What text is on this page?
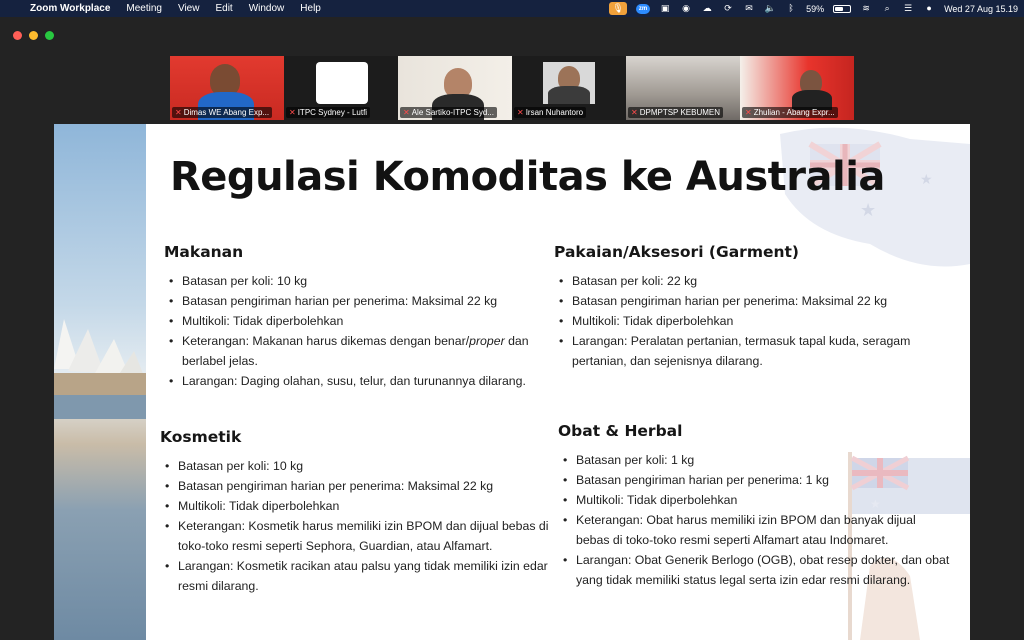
Zoom Workplace	Meeting	View	Edit	Window	Help	🎙	zm	▣ ◉ ☁ ⟳ ✉ 🔈	ᛒ	59%	≋	⌕	☰	●	Wed 27 Aug 15.19
✕ Dimas WE Abang Exp...	✕ ITPC Sydney - Lutfi	✕ Ale Sartiko-ITPC Syd...	✕ Irsan Nuhantoro	✕ DPMPTSP KEBUMEN	✕ Zhulian - Abang Expr...
★
★
★
Regulasi Komoditas ke Australia
Makanan
• Batasan per koli: 10 kg
• Batasan pengiriman harian per penerima: Maksimal 22 kg
• Multikoli: Tidak diperbolehkan
• Keterangan: Makanan harus dikemas dengan benar/proper dan berlabel jelas.
• Larangan: Daging olahan, susu, telur, dan turunannya dilarang.
Pakaian/Aksesori (Garment)
• Batasan per koli: 22 kg
• Batasan pengiriman harian per penerima: Maksimal 22 kg
• Multikoli: Tidak diperbolehkan
• Larangan: Peralatan pertanian, termasuk tapal kuda, seragam pertanian, dan sejenisnya dilarang.
Kosmetik
• Batasan per koli: 10 kg
• Batasan pengiriman harian per penerima: Maksimal 22 kg
• Multikoli: Tidak diperbolehkan
• Keterangan: Kosmetik harus memiliki izin BPOM dan dijual bebas di toko-toko resmi seperti Sephora, Guardian, atau Alfamart.
• Larangan: Kosmetik racikan atau palsu yang tidak memiliki izin edar resmi dilarang.
Obat & Herbal
• Batasan per koli: 1 kg
• Batasan pengiriman harian per penerima: 1 kg
• Multikoli: Tidak diperbolehkan
• Keterangan: Obat harus memiliki izin BPOM dan banyak dijual bebas di toko-toko resmi seperti Alfamart atau Indomaret.
• Larangan: Obat Generik Berlogo (OGB), obat resep dokter, dan obat yang tidak memiliki status legal serta izin edar resmi dilarang.
